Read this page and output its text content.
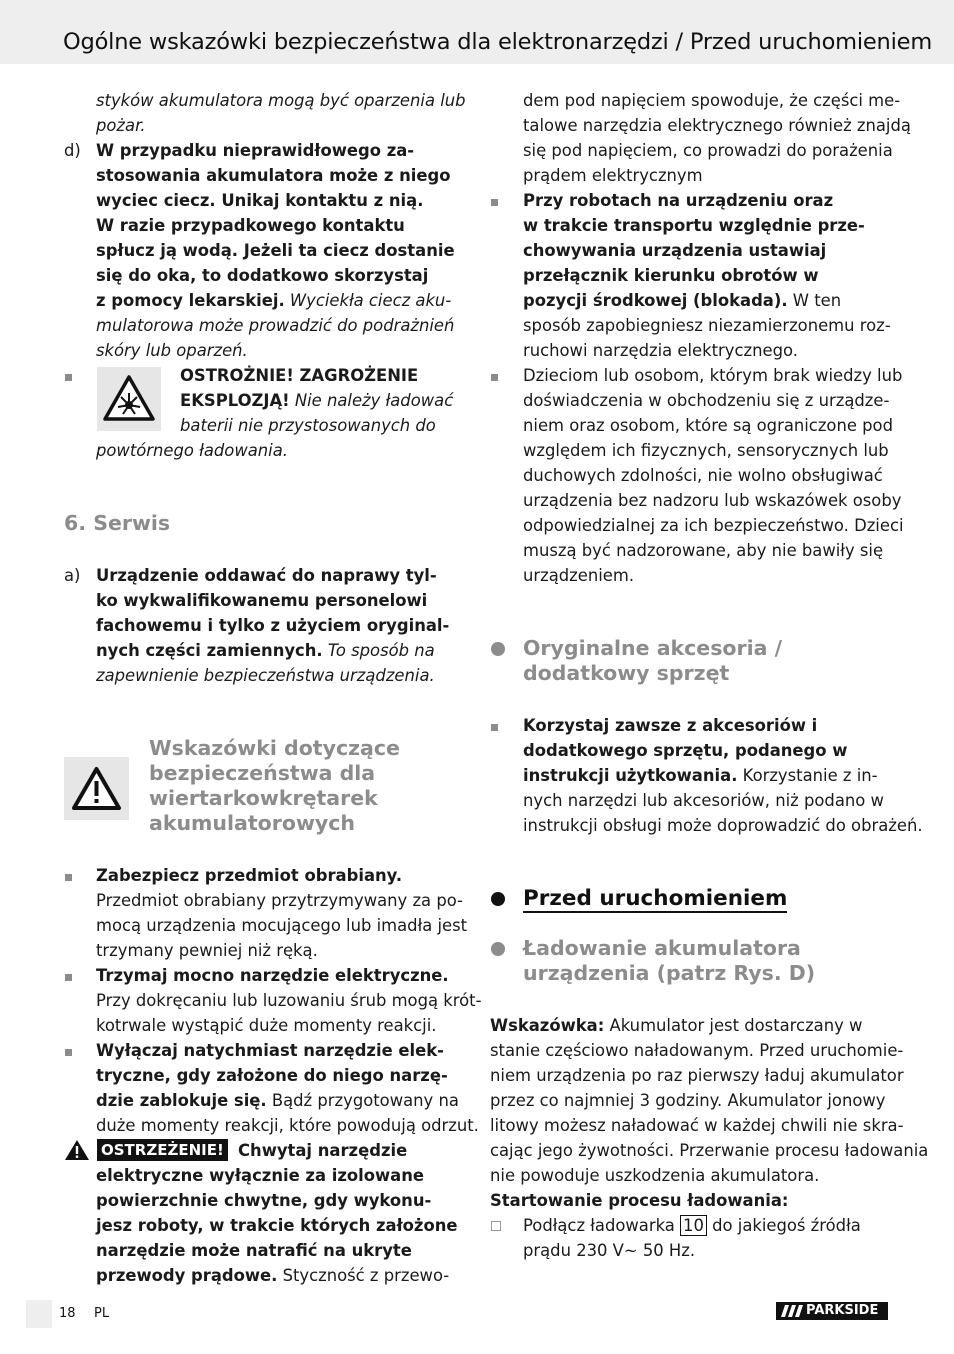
Ogólne wskazówki bezpieczeństwa dla elektronarzędzi / Przed uruchomieniem
styków akumulatora mogą być oparzenia lub
pożar.
d) W przypadku nieprawidłowego za-
stosowania akumulatora może z niego
wyciec ciecz. Unikaj kontaktu z nią.
W razie przypadkowego kontaktu
spłucz ją wodą. Jeżeli ta ciecz dostanie
się do oka, to dodatkowo skorzystaj
z pomocy lekarskiej. Wyciekła ciecz aku-
mulatorowa może prowadzić do podrażnień
skóry lub oparzeń.
OSTROŻNIE! ZAGROŻENIE
EKSPLOZJĄ! Nie należy ładować
baterii nie przystosowanych do
powtórnego ładowania.
6. Serwis
a) Urządzenie oddawać do naprawy tyl-
ko wykwalifikowanemu personelowi
fachowemu i tylko z użyciem oryginal-
nych części zamiennych. To sposób na
zapewnienie bezpieczeństwa urządzenia.
Wskazówki dotyczące
bezpieczeństwa dla
wiertarkowkrętarek
akumulatorowych
Zabezpiecz przedmiot obrabiany.
Przedmiot obrabiany przytrzymywany za po-
mocą urządzenia mocującego lub imadła jest
trzymany pewniej niż ręką.
Trzymaj mocno narzędzie elektryczne.
Przy dokręcaniu lub luzowaniu śrub mogą krót-
kotrwale wystąpić duże momenty reakcji.
Wyłączaj natychmiast narzędzie elek-
tryczne, gdy założone do niego narzę-
dzie zablokuje się. Bądź przygotowany na
duże momenty reakcji, które powodują odrzut.
OSTRZEŻENIE! Chwytaj narzędzie
elektryczne wyłącznie za izolowane
powierzchnie chwytne, gdy wykonu-
jesz roboty, w trakcie których założone
narzędzie może natrafić na ukryte
przewody prądowe. Styczność z przewo-
dem pod napięciem spowoduje, że części me-
talowe narzędzia elektrycznego również znajdą
się pod napięciem, co prowadzi do porażenia
prądem elektrycznym
Przy robotach na urządzeniu oraz
w trakcie transportu względnie prze-
chowywania urządzenia ustawiaj
przełącznik kierunku obrotów w
pozycji środkowej (blokada). W ten
sposób zapobiegniesz niezamierzonemu roz-
ruchowi narzędzia elektrycznego.
Dzieciom lub osobom, którym brak wiedzy lub
doświadczenia w obchodzeniu się z urządze-
niem oraz osobom, które są ograniczone pod
względem ich fizycznych, sensorycznych lub
duchowych zdolności, nie wolno obsługiwać
urządzenia bez nadzoru lub wskazówek osoby
odpowiedzialnej za ich bezpieczeństwo. Dzieci
muszą być nadzorowane, aby nie bawiły się
urządzeniem.
Oryginalne akcesoria /
dodatkowy sprzęt
Korzystaj zawsze z akcesoriów i
dodatkowego sprzętu, podanego w
instrukcji użytkowania. Korzystanie z in-
nych narzędzi lub akcesoriów, niż podano w
instrukcji obsługi może doprowadzić do obrażeń.
Przed uruchomieniem
Ładowanie akumulatora
urządzenia (patrz Rys. D)
Wskazówka: Akumulator jest dostarczany w
stanie częściowo naładowanym. Przed uruchomie-
niem urządzenia po raz pierwszy ładuj akumulator
przez co najmniej 3 godziny. Akumulator jonowy
litowy możesz naładować w każdej chwili nie skra-
cając jego żywotności. Przerwanie procesu ładowania
nie powoduje uszkodzenia akumulatora.
Startowanie procesu ładowania:
Podłącz ładowarka 10 do jakiegoś źródła
prądu 230 V∼ 50 Hz.
18 PL	PARKSIDE
